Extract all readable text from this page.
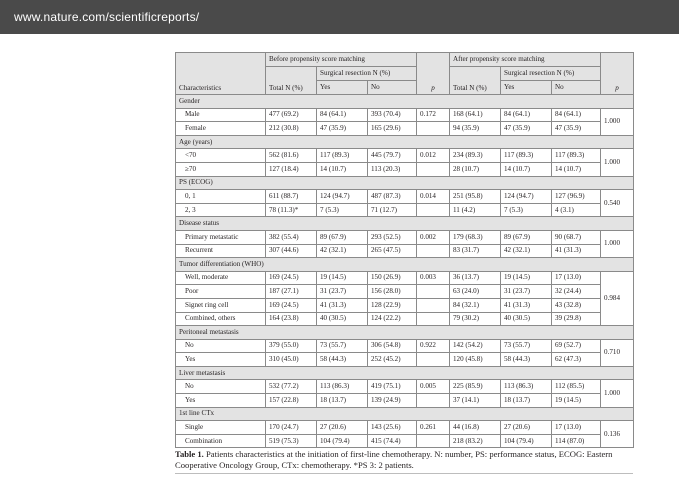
www.nature.com/scientificreports/
Characteristics	Before propensity score matching			p	After propensity score matching			p
	Total N (%)	Surgical resection N (%)			Total N (%)	Surgical resection N (%)		
		Yes	No			Yes	No	
Gender								
Male	477 (69.2)	84 (64.1)	393 (70.4)	0.172	168 (64.1)	84 (64.1)	84 (64.1)	1.000
Female	212 (30.8)	47 (35.9)	165 (29.6)		94 (35.9)	47 (35.9)	47 (35.9)	
Age (years)								
<70	562 (81.6)	117 (89.3)	445 (79.7)	0.012	234 (89.3)	117 (89.3)	117 (89.3)	1.000
≥70	127 (18.4)	14 (10.7)	113 (20.3)		28 (10.7)	14 (10.7)	14 (10.7)	
PS (ECOG)								
0, 1	611 (88.7)	124 (94.7)	487 (87.3)	0.014	251 (95.8)	124 (94.7)	127 (96.9)	0.540
2, 3	78 (11.3)*	7 (5.3)	71 (12.7)		11 (4.2)	7 (5.3)	4 (3.1)	
Disease status								
Primary metastatic	382 (55.4)	89 (67.9)	293 (52.5)	0.002	179 (68.3)	89 (67.9)	90 (68.7)	1.000
Recurrent	307 (44.6)	42 (32.1)	265 (47.5)		83 (31.7)	42 (32.1)	41 (31.3)	
Tumor differentiation (WHO)								
Well, moderate	169 (24.5)	19 (14.5)	150 (26.9)	0.003	36 (13.7)	19 (14.5)	17 (13.0)	0.984
Poor	187 (27.1)	31 (23.7)	156 (28.0)		63 (24.0)	31 (23.7)	32 (24.4)	
Signet ring cell	169 (24.5)	41 (31.3)	128 (22.9)		84 (32.1)	41 (31.3)	43 (32.8)	
Combined, others	164 (23.8)	40 (30.5)	124 (22.2)		79 (30.2)	40 (30.5)	39 (29.8)	
Peritoneal metastasis								
No	379 (55.0)	73 (55.7)	306 (54.8)	0.922	142 (54.2)	73 (55.7)	69 (52.7)	0.710
Yes	310 (45.0)	58 (44.3)	252 (45.2)		120 (45.8)	58 (44.3)	62 (47.3)	
Liver metastasis								
No	532 (77.2)	113 (86.3)	419 (75.1)	0.005	225 (85.9)	113 (86.3)	112 (85.5)	1.000
Yes	157 (22.8)	18 (13.7)	139 (24.9)		37 (14.1)	18 (13.7)	19 (14.5)	
1st line CTx								
Single	170 (24.7)	27 (20.6)	143 (25.6)	0.261	44 (16.8)	27 (20.6)	17 (13.0)	0.136
Combination	519 (75.3)	104 (79.4)	415 (74.4)		218 (83.2)	104 (79.4)	114 (87.0)	
Table 1. Patients characteristics at the initiation of first-line chemotherapy. N: number, PS: performance status, ECOG: Eastern Cooperative Oncology Group, CTx: chemotherapy. *PS 3: 2 patients.
